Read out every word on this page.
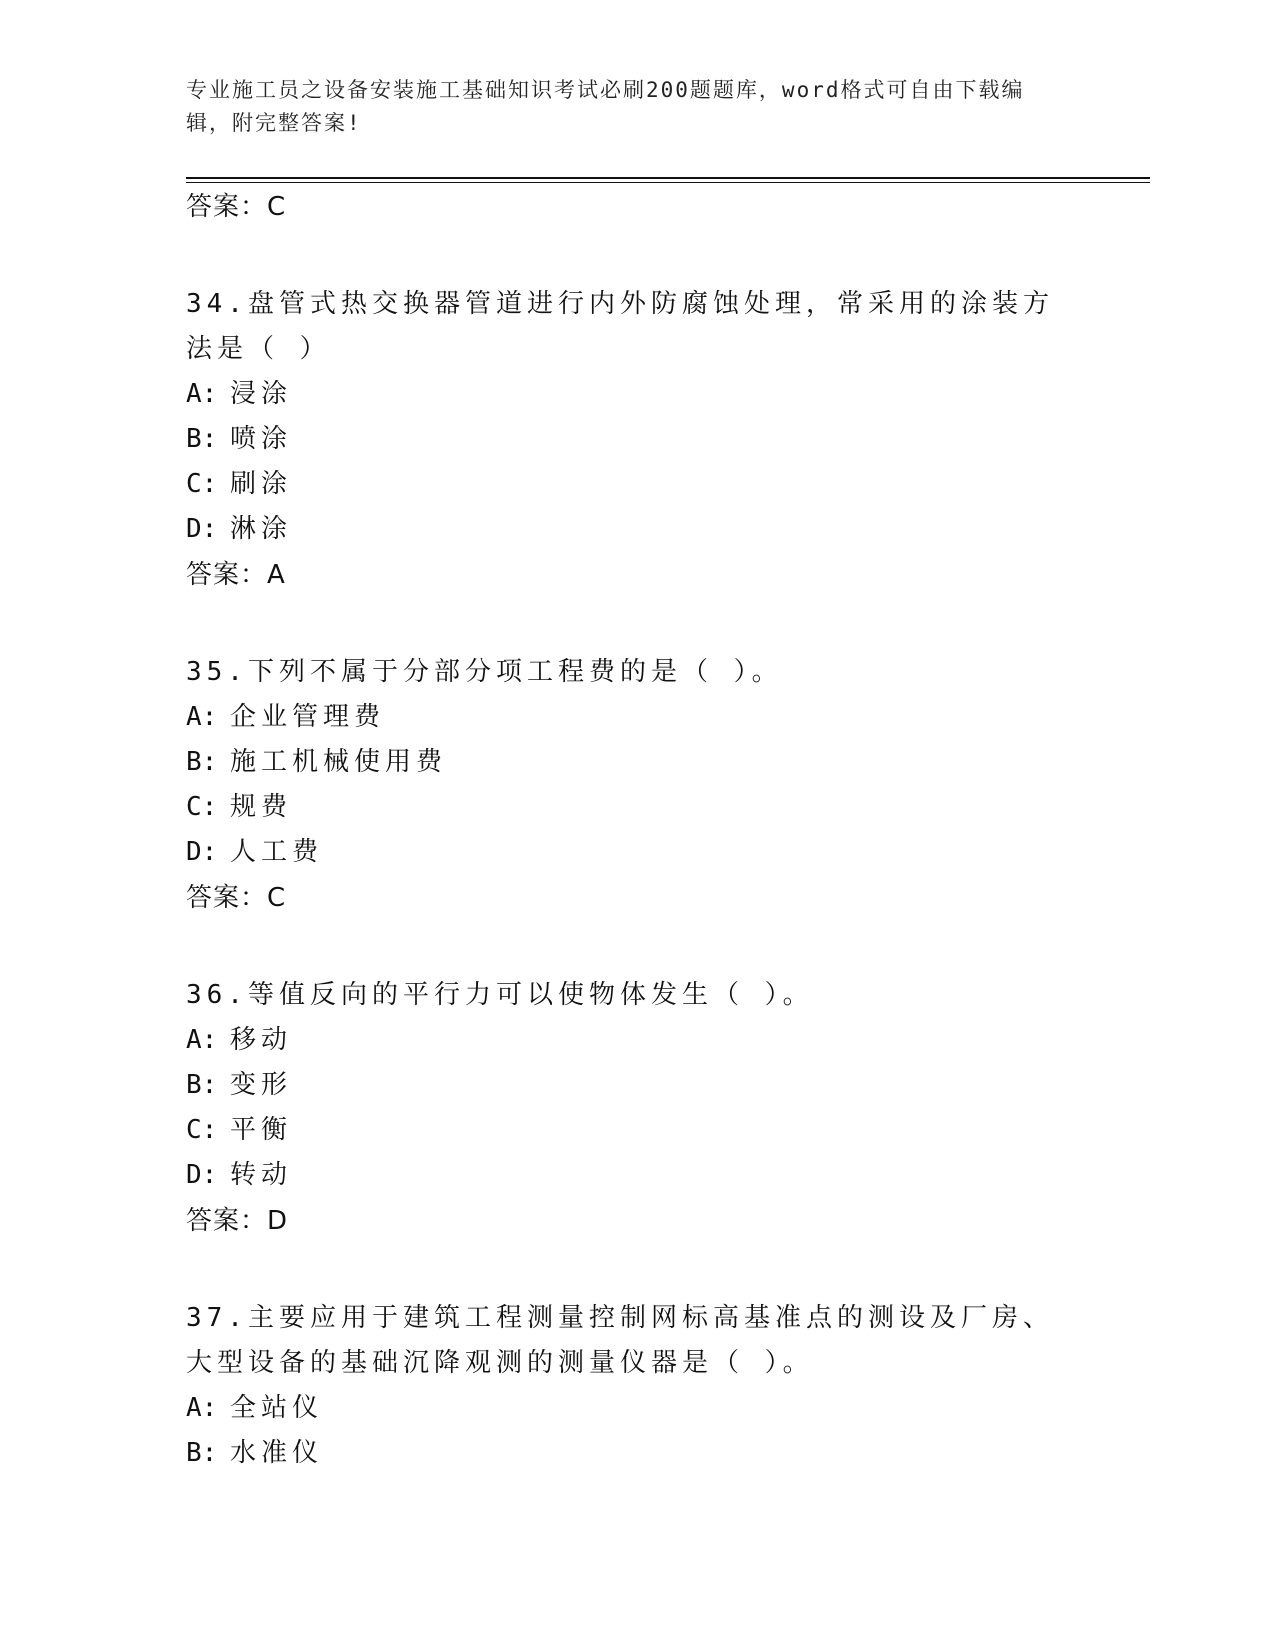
专业施工员之设备安装施工基础知识考试必刷200题题库，word格式可自由下载编辑，附完整答案!
答案：C
34.盘管式热交换器管道进行内外防腐蚀处理，常采用的涂装方法是（ ）
A: 浸涂
B: 喷涂
C: 刷涂
D: 淋涂
答案：A
35.下列不属于分部分项工程费的是（ ）。
A: 企业管理费
B: 施工机械使用费
C: 规费
D: 人工费
答案：C
36.等值反向的平行力可以使物体发生（ ）。
A: 移动
B: 变形
C: 平衡
D: 转动
答案：D
37.主要应用于建筑工程测量控制网标高基准点的测设及厂房、大型设备的基础沉降观测的测量仪器是（ ）。
A: 全站仪
B: 水准仪
